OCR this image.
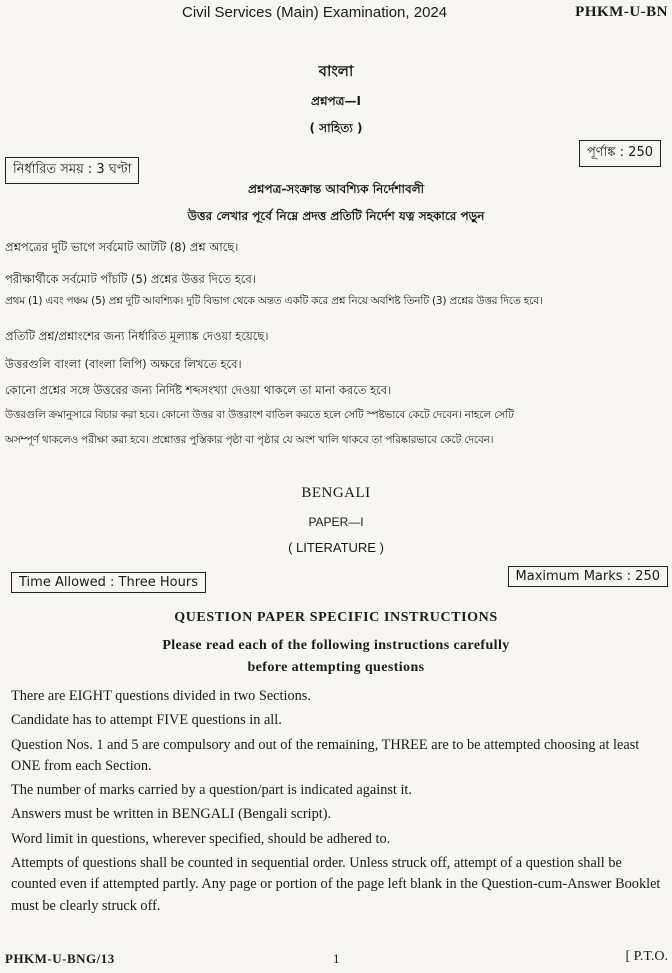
Civil Services (Main) Examination, 2024	PHKM-U-BN
বাংলা
প্রশ্নপত্র—I
( সাহিত্য )
নির্ধারিত সময় : 3 ঘণ্টা
পূর্ণাঙ্ক : 250
প্রশ্নপত্র-সংক্রান্ত আবশ্যিক নির্দেশাবলী
উত্তর লেখার পূর্বে নিম্নে প্রদত্ত প্রতিটি নির্দেশ যত্ন সহকারে পড়ুন
প্রশ্নপত্রের দুটি ভাগে সর্বমোট আটটি (8) প্রশ্ন আছে।
পরীক্ষার্থীকে সর্বমোট পাঁচটি (5) প্রশ্নের উত্তর দিতে হবে।
প্রথম (1) এবং পঞ্চম (5) প্রশ্ন দুটি আবশ্যিক। দুটি বিভাগ থেকে অন্তত একটি করে প্রশ্ন নিয়ে অবশিষ্ট তিনটি (3) প্রশ্নের উত্তর দিতে হবে।
প্রতিটি প্রশ্ন/প্রশ্নাংশের জন্য নির্ধারিত মূল্যাঙ্ক দেওয়া হয়েছে।
উত্তরগুলি বাংলা (বাংলা লিপি) অক্ষরে লিখতে হবে।
কোনো প্রশ্নের সঙ্গে উত্তরের জন্য নির্দিষ্ট শব্দসংখ্যা দেওয়া থাকলে তা মানা করতে হবে।
উত্তরগুলি ক্রমানুসারে বিচার করা হবে। কোনো উত্তর বা উত্তরাংশ বাতিল করতে হলে সেটি স্পষ্টভাবে কেটে দেবেন। নাহলে সেটি
অসম্পূর্ণ থাকলেও পরীক্ষা করা হবে। প্রশ্নোত্তর পুস্তিকার পৃষ্ঠা বা পৃষ্ঠার যে অংশ খালি থাকবে তা পরিষ্কারভাবে কেটে দেবেন।
BENGALI
PAPER—I
( LITERATURE )
Time Allowed : Three Hours	Maximum Marks : 250
QUESTION PAPER SPECIFIC INSTRUCTIONS
Please read each of the following instructions carefully
before attempting questions

There are EIGHT questions divided in two Sections.

Candidate has to attempt FIVE questions in all.

Question Nos. 1 and 5 are compulsory and out of the remaining, THREE are to be attempted choosing at least ONE from each Section.

The number of marks carried by a question/part is indicated against it.

Answers must be written in BENGALI (Bengali script).

Word limit in questions, wherever specified, should be adhered to.

Attempts of questions shall be counted in sequential order. Unless struck off, attempt of a question shall be counted even if attempted partly. Any page or portion of the page left blank in the Question-cum-Answer Booklet must be clearly struck off.

PHKM-U-BNG/13	1	[ P.T.O.
